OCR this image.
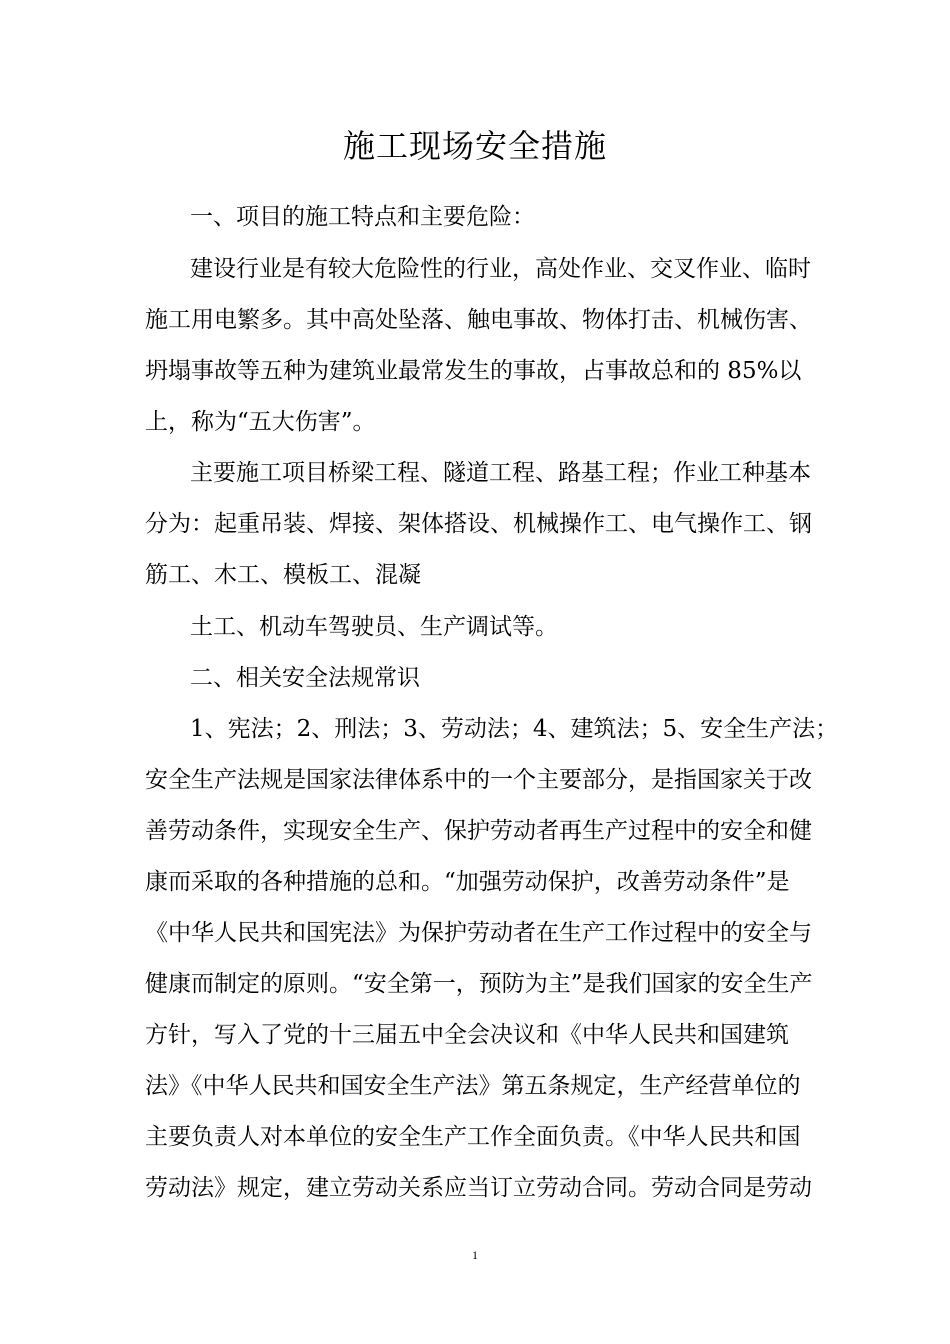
施工现场安全措施

一、项目的施工特点和主要危险：

建设行业是有较大危险性的行业，高处作业、交叉作业、临时

施工用电繁多。其中高处坠落、触电事故、物体打击、机械伤害、

坍塌事故等五种为建筑业最常发生的事故，占事故总和的 85%以

上，称为“五大伤害”。

主要施工项目桥梁工程、隧道工程、路基工程；作业工种基本

分为：起重吊装、焊接、架体搭设、机械操作工、电气操作工、钢

筋工、木工、模板工、混凝

土工、机动车驾驶员、生产调试等。

二、相关安全法规常识

1、宪法；2、刑法；3、劳动法；4、建筑法；5、安全生产法；

安全生产法规是国家法律体系中的一个主要部分，是指国家关于改

善劳动条件，实现安全生产、保护劳动者再生产过程中的安全和健

康而采取的各种措施的总和。“加强劳动保护，改善劳动条件”是

《中华人民共和国宪法》为保护劳动者在生产工作过程中的安全与

健康而制定的原则。“安全第一，预防为主”是我们国家的安全生产

方针，写入了党的十三届五中全会决议和《中华人民共和国建筑

法》《中华人民共和国安全生产法》第五条规定，生产经营单位的

主要负责人对本单位的安全生产工作全面负责。《中华人民共和国

劳动法》规定，建立劳动关系应当订立劳动合同。劳动合同是劳动

1
